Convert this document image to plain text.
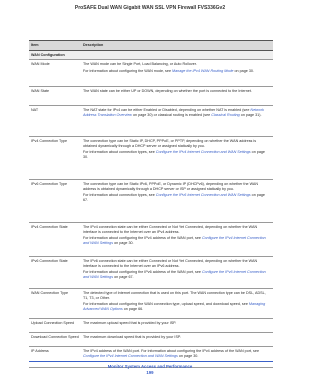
ProSAFE Dual WAN Gigabit WAN SSL VPN Firewall FVS336Gv2
Item	Description
WAN Configuration
WAN Mode	The WAN mode can be Single Port, Load Balancing, or Auto Rollover.
For information about configuring the WAN mode, see Manage the IPv4 WAN Routing Mode on page 30.
WAN State	The WAN state can be either UP or DOWN, depending on whether the port is connected to the Internet.
NAT	The NAT state for IPv4 can be either Enabled or Disabled, depending on whether NAT is enabled (see Network Address Translation Overview on page 30) or classical routing is enabled (see Classical Routing on page 31).
IPv4 Connection Type	The connection type can be Static IP, DHCP, PPPoE, or PPTP, depending on whether the WAN address is obtained dynamically through a DHCP server or assigned statically by you.
For information about connection types, see Configure the IPv4 Internet Connection and WAN Settings on page 30.
IPv6 Connection Type	The connection type can be Static IPv6, PPPoE, or Dynamic IP (DHCPv6), depending on whether the WAN address is obtained dynamically through a DHCP server or ISP or assigned statically by you.
For information about connection types, see Configure the IPv6 Internet Connection and WAN Settings on page 67.
IPv4 Connection State	The IPv4 connection state can be either Connected or Not Yet Connected, depending on whether the WAN interface is connected to the Internet over an IPv4 address.
For information about configuring the IPv4 address of the WAN port, see Configure the IPv4 Internet Connection and WAN Settings on page 30.
IPv6 Connection State	The IPv6 connection state can be either Connected or Not Yet Connected, depending on whether the WAN interface is connected to the Internet over an IPv6 address.
For information about configuring the IPv6 address of the WAN port, see Configure the IPv6 Internet Connection and WAN Settings on page 67.
WAN Connection Type	The detected type of Internet connection that is used on this port. The WAN connection type can be DSL, ADSL, T1, T3, or Other.
For information about configuring the WAN connection type, upload speed, and download speed, see Managing Advanced WAN Options on page 66.
Upload Connection Speed	The maximum upload speed that is provided by your ISP.
Download Connection Speed	The maximum download speed that is provided by your ISP.
IP Address	The IPv4 address of the WAN port. For information about configuring the IPv4 address of the WAN port, see Configure the IPv4 Internet Connection and WAN Settings on page 30.
Monitor System Access and Performance
199
